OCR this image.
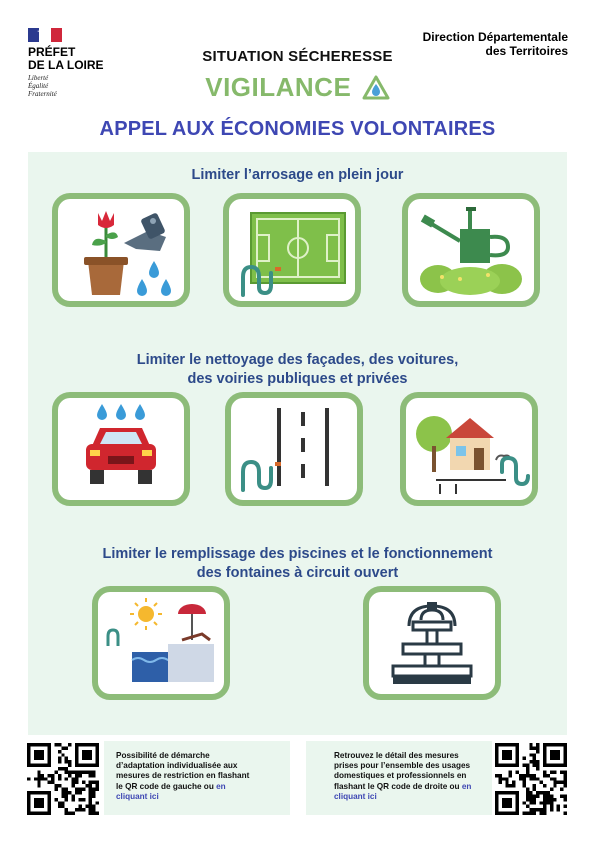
PRÉFET
DE LA LOIRE
Liberté
Égalité
Fraternité
Direction Départementale des Territoires
SITUATION SÉCHERESSE
VIGILANCE
APPEL AUX ÉCONOMIES VOLONTAIRES
Limiter l’arrosage en plein jour
Limiter le nettoyage des façades, des voitures,
des voiries publiques et privées
Limiter le remplissage des piscines et le fonctionnement
des fontaines à circuit ouvert
Possibilité de démarche d’adaptation individualisée aux mesures de restriction en flashant le QR code de gauche ou en cliquant ici
Retrouvez le détail des mesures prises pour l’ensemble des usages domestiques et professionnels en flashant le QR code de droite ou en cliquant ici
